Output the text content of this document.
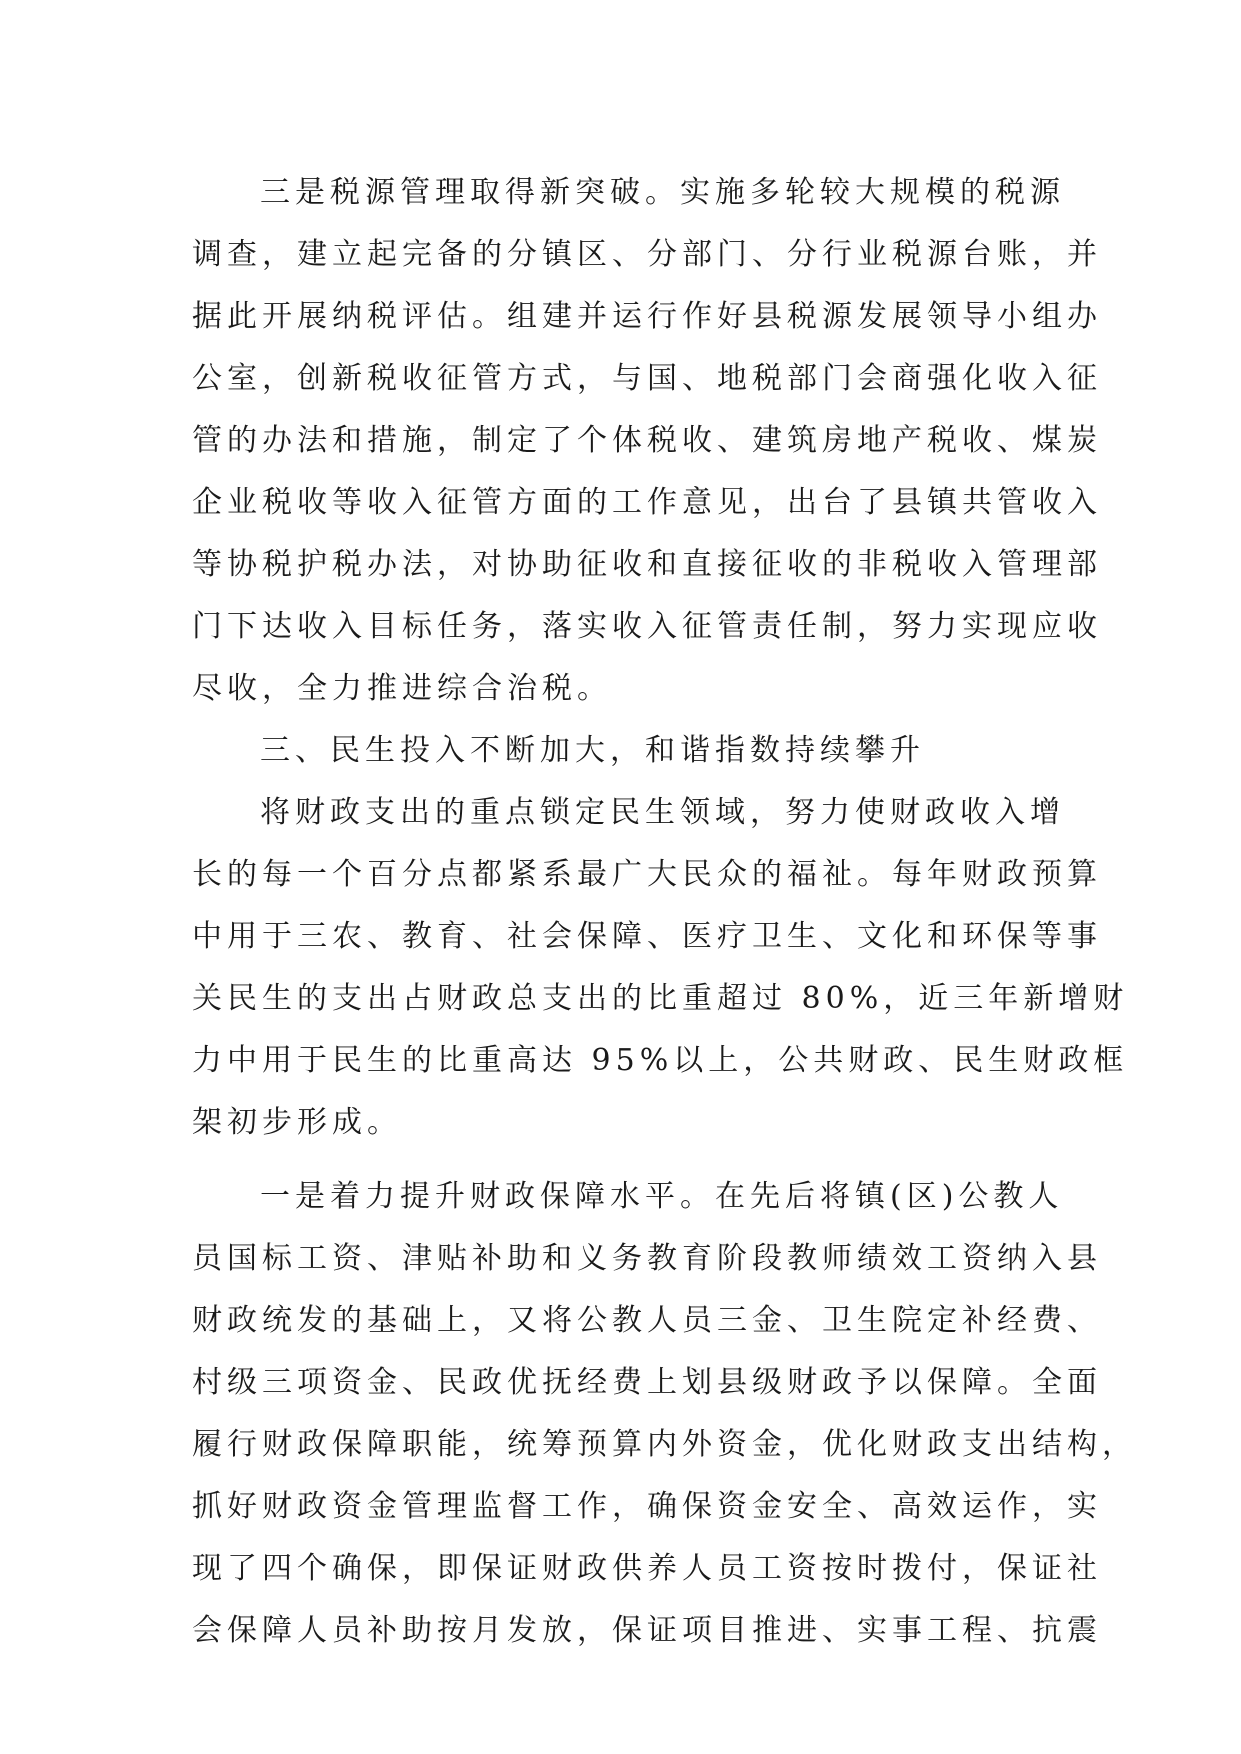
三是税源管理取得新突破。实施多轮较大规模的税源
调查，建立起完备的分镇区、分部门、分行业税源台账，并
据此开展纳税评估。组建并运行作好县税源发展领导小组办
公室，创新税收征管方式，与国、地税部门会商强化收入征
管的办法和措施，制定了个体税收、建筑房地产税收、煤炭
企业税收等收入征管方面的工作意见，出台了县镇共管收入
等协税护税办法，对协助征收和直接征收的非税收入管理部
门下达收入目标任务，落实收入征管责任制，努力实现应收
尽收，全力推进综合治税。
三、民生投入不断加大，和谐指数持续攀升
将财政支出的重点锁定民生领域，努力使财政收入增
长的每一个百分点都紧系最广大民众的福祉。每年财政预算
中用于三农、教育、社会保障、医疗卫生、文化和环保等事
关民生的支出占财政总支出的比重超过 80%，近三年新增财
力中用于民生的比重高达 95%以上，公共财政、民生财政框
架初步形成。
一是着力提升财政保障水平。在先后将镇(区)公教人
员国标工资、津贴补助和义务教育阶段教师绩效工资纳入县
财政统发的基础上，又将公教人员三金、卫生院定补经费、
村级三项资金、民政优抚经费上划县级财政予以保障。全面
履行财政保障职能，统筹预算内外资金，优化财政支出结构，
抓好财政资金管理监督工作，确保资金安全、高效运作，实
现了四个确保，即保证财政供养人员工资按时拨付，保证社
会保障人员补助按月发放，保证项目推进、实事工程、抗震
